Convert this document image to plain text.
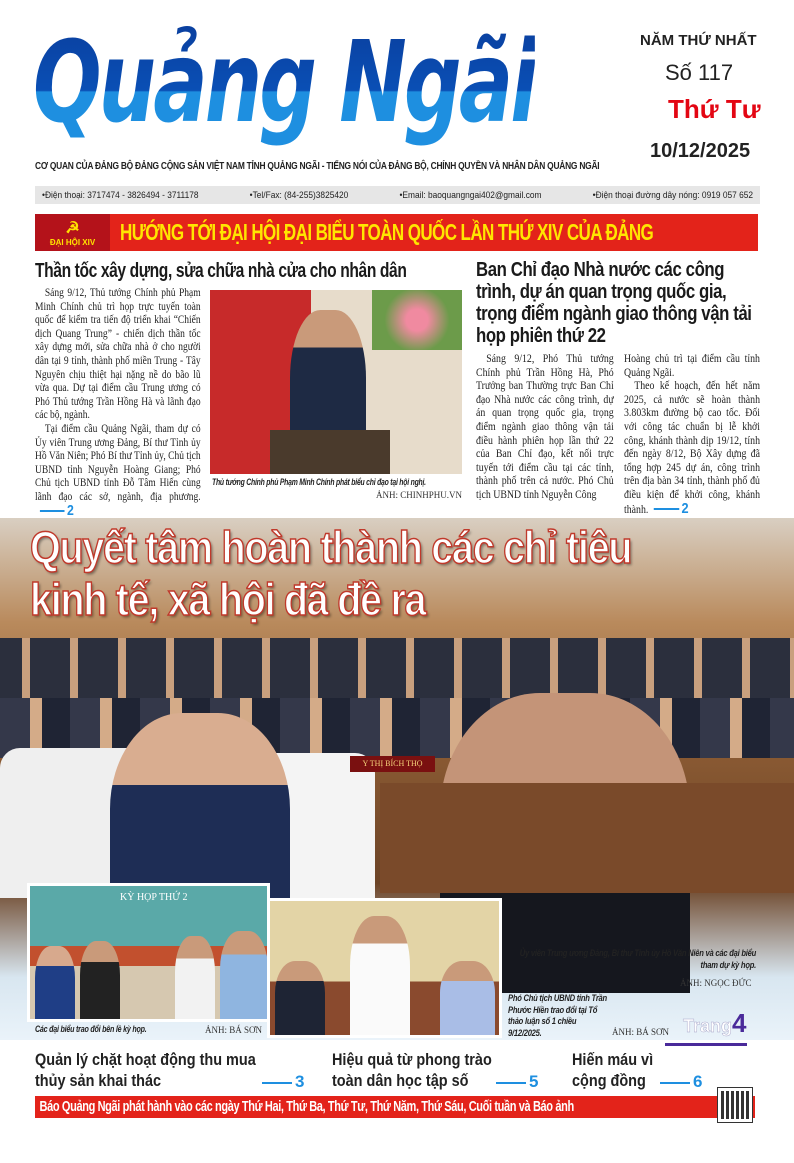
Quảng Ngãi	NĂM THỨ NHẤT
Số 117
Thứ Tư
10/12/2025
CƠ QUAN CỦA ĐẢNG BỘ ĐẢNG CỘNG SẢN VIỆT NAM TỈNH QUẢNG NGÃI - TIẾNG NÓI CỦA ĐẢNG BỘ, CHÍNH QUYỀN VÀ NHÂN DÂN QUẢNG NGÃI
•Điện thoại: 3717474 - 3826494 - 3711178	•Tel/Fax: (84-255)3825420	•Email: baoquangngai402@gmail.com	•Điện thoại đường dây nóng: 0919 057 652
☭
ĐẠI HỘI XIV HƯỚNG TỚI ĐẠI HỘI ĐẠI BIỂU TOÀN QUỐC LẦN THỨ XIV CỦA ĐẢNG
Thần tốc xây dựng, sửa chữa nhà cửa cho nhân dân

Sáng 9/12, Thủ tướng Chính phủ Phạm Minh Chính chủ trì họp trực tuyến toàn quốc để kiểm tra tiến độ triển khai “Chiến dịch Quang Trung” - chiến dịch thần tốc xây dựng mới, sửa chữa nhà ở cho người dân tại 9 tỉnh, thành phố miền Trung - Tây Nguyên chịu thiệt hại nặng nề do bão lũ vừa qua. Dự tại điểm cầu Trung ương có Phó Thủ tướng Trần Hồng Hà và lãnh đạo các bộ, ngành.

Tại điểm cầu Quảng Ngãi, tham dự có Ủy viên Trung ương Đảng, Bí thư Tỉnh ủy Hồ Văn Niên; Phó Bí thư Tỉnh ủy, Chủ tịch UBND tỉnh Nguyễn Hoàng Giang; Phó Chủ tịch UBND tỉnh Đỗ Tâm Hiến cùng lãnh đạo các sở, ngành, địa phương.2

Thủ tướng Chính phủ Phạm Minh Chính phát biểu chỉ đạo tại hội nghị.
ẢNH: CHINHPHU.VN
Ban Chỉ đạo Nhà nước các công trình, dự án quan trọng quốc gia, trọng điểm ngành giao thông vận tải họp phiên thứ 22
Sáng 9/12, Phó Thủ tướng Chính phủ Trần Hồng Hà, Phó Trưởng ban Thường trực Ban Chỉ đạo Nhà nước các công trình, dự án quan trọng quốc gia, trọng điểm ngành giao thông vận tải điều hành phiên họp lần thứ 22 của Ban Chỉ đạo, kết nối trực tuyến tới điểm cầu tại các tỉnh, thành phố trên cả nước. Phó Chủ tịch UBND tỉnh Nguyễn Công
Hoàng chủ trì tại điểm cầu tỉnh Quảng Ngãi.

Theo kế hoạch, đến hết năm 2025, cả nước sẽ hoàn thành 3.803km đường bộ cao tốc. Đối với công tác chuẩn bị lễ khởi công, khánh thành dịp 19/12, tính đến ngày 8/12, Bộ Xây dựng đã tổng hợp 245 dự án, công trình trên địa bàn 34 tỉnh, thành phố đủ điều kiện để khởi công, khánh thành. 2

Y THỊ BÍCH THỌ
Quyết tâm hoàn thành các chỉ tiêu
kinh tế, xã hội đã đề ra
KỲ HỌP THỨ 2
Các đại biểu trao đổi bên lề kỳ họp.	ẢNH: BÁ SƠN
Ủy viên Trung ương Đảng, Bí thư Tỉnh ủy Hồ Văn Niên và các đại biểu tham dự kỳ họp.
ẢNH: NGỌC ĐỨC
Phó Chủ tịch UBND tỉnh Trần Phước Hiền trao đổi tại Tổ thảo luận số 1 chiều 9/12/2025.	ẢNH: BÁ SƠN Trang 4
Quản lý chặt hoạt động thu mua thủy sản khai thác	3
Hiệu quả từ phong trào toàn dân học tập số	5
Hiến máu vì cộng đồng	6
Báo Quảng Ngãi phát hành vào các ngày Thứ Hai, Thứ Ba, Thứ Tư, Thứ Năm, Thứ Sáu, Cuối tuần và Báo ảnh
